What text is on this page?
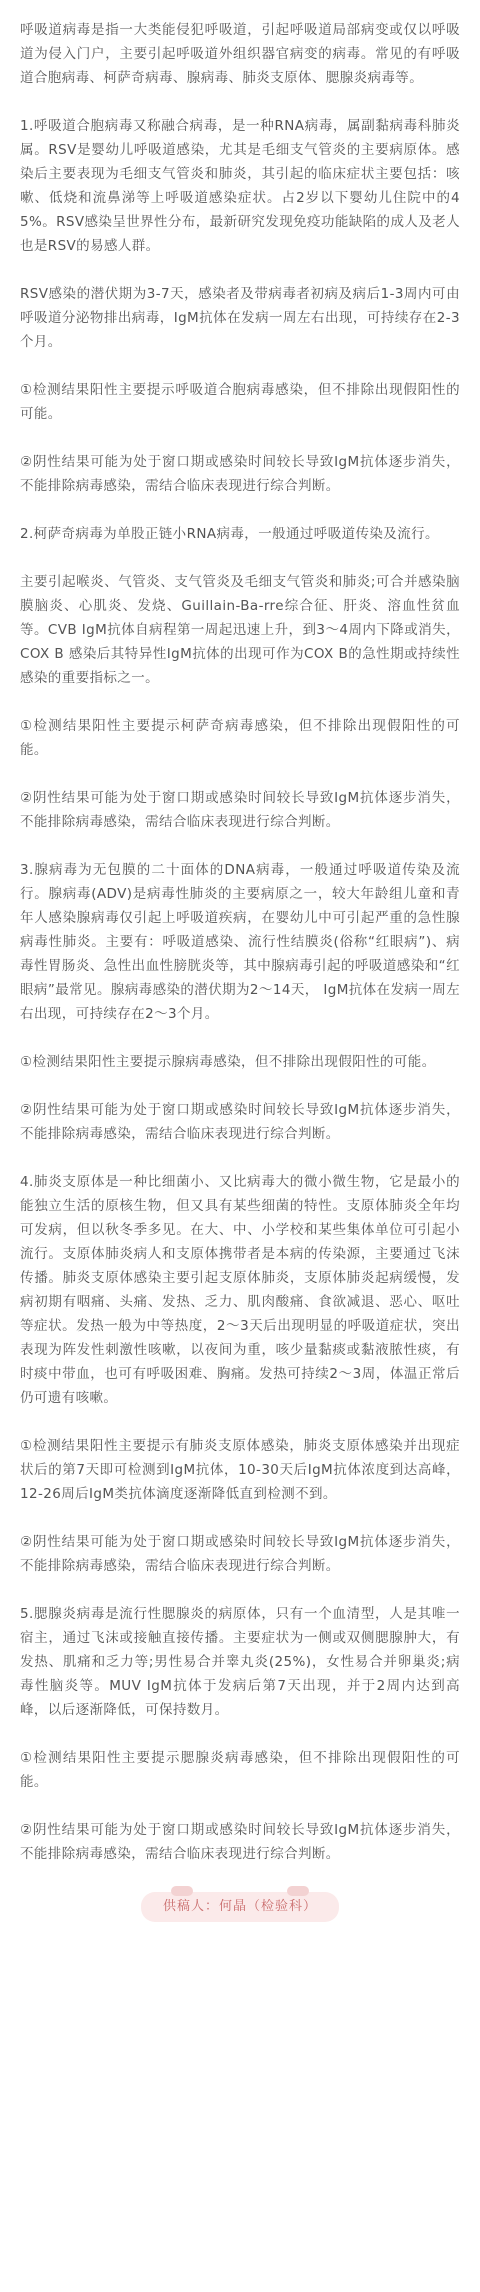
呼吸道病毒是指一大类能侵犯呼吸道，引起呼吸道局部病变或仅以呼吸道为侵入门户，主要引起呼吸道外组织器官病变的病毒。常见的有呼吸道合胞病毒、柯萨奇病毒、腺病毒、肺炎支原体、腮腺炎病毒等。

1.呼吸道合胞病毒又称融合病毒，是一种RNA病毒，属副黏病毒科肺炎属。RSV是婴幼儿呼吸道感染，尤其是毛细支气管炎的主要病原体。感染后主要表现为毛细支气管炎和肺炎，其引起的临床症状主要包括：咳嗽、低烧和流鼻涕等上呼吸道感染症状。占2岁以下婴幼儿住院中的45%。RSV感染呈世界性分布，最新研究发现免疫功能缺陷的成人及老人也是RSV的易感人群。

RSV感染的潜伏期为3-7天，感染者及带病毒者初病及病后1-3周内可由呼吸道分泌物排出病毒，IgM抗体在发病一周左右出现，可持续存在2-3个月。

①检测结果阳性主要提示呼吸道合胞病毒感染，但不排除出现假阳性的可能。

②阴性结果可能为处于窗口期或感染时间较长导致IgM抗体逐步消失，不能排除病毒感染，需结合临床表现进行综合判断。

2.柯萨奇病毒为单股正链小RNA病毒，一般通过呼吸道传染及流行。

主要引起喉炎、气管炎、支气管炎及毛细支气管炎和肺炎;可合并感染脑膜脑炎、心肌炎、发烧、Guillain-Ba-rre综合征、肝炎、溶血性贫血等。CVB IgM抗体自病程第一周起迅速上升，到3～4周内下降或消失，COX B 感染后其特异性IgM抗体的出现可作为COX B的急性期或持续性感染的重要指标之一。

①检测结果阳性主要提示柯萨奇病毒感染，但不排除出现假阳性的可能。

②阴性结果可能为处于窗口期或感染时间较长导致IgM抗体逐步消失，不能排除病毒感染，需结合临床表现进行综合判断。

3.腺病毒为无包膜的二十面体的DNA病毒，一般通过呼吸道传染及流行。腺病毒(ADV)是病毒性肺炎的主要病原之一，较大年龄组儿童和青年人感染腺病毒仅引起上呼吸道疾病，在婴幼儿中可引起严重的急性腺病毒性肺炎。主要有：呼吸道感染、流行性结膜炎(俗称“红眼病”)、病毒性胃肠炎、急性出血性膀胱炎等，其中腺病毒引起的呼吸道感染和“红眼病”最常见。腺病毒感染的潜伏期为2～14天， IgM抗体在发病一周左右出现，可持续存在2～3个月。

①检测结果阳性主要提示腺病毒感染，但不排除出现假阳性的可能。

②阴性结果可能为处于窗口期或感染时间较长导致IgM抗体逐步消失，不能排除病毒感染，需结合临床表现进行综合判断。

4.肺炎支原体是一种比细菌小、又比病毒大的微小微生物，它是最小的能独立生活的原核生物，但又具有某些细菌的特性。支原体肺炎全年均可发病，但以秋冬季多见。在大、中、小学校和某些集体单位可引起小流行。支原体肺炎病人和支原体携带者是本病的传染源，主要通过飞沫传播。肺炎支原体感染主要引起支原体肺炎，支原体肺炎起病缓慢，发病初期有咽痛、头痛、发热、乏力、肌肉酸痛、食欲减退、恶心、呕吐等症状。发热一般为中等热度，2～3天后出现明显的呼吸道症状，突出表现为阵发性刺激性咳嗽，以夜间为重，咳少量黏痰或黏液脓性痰，有时痰中带血，也可有呼吸困难、胸痛。发热可持续2～3周，体温正常后仍可遗有咳嗽。

①检测结果阳性主要提示有肺炎支原体感染，肺炎支原体感染并出现症状后的第7天即可检测到IgM抗体，10-30天后IgM抗体浓度到达高峰，12-26周后IgM类抗体滴度逐渐降低直到检测不到。

②阴性结果可能为处于窗口期或感染时间较长导致IgM抗体逐步消失，不能排除病毒感染，需结合临床表现进行综合判断。

5.腮腺炎病毒是流行性腮腺炎的病原体，只有一个血清型，人是其唯一宿主，通过飞沫或接触直接传播。主要症状为一侧或双侧腮腺肿大，有发热、肌痛和乏力等;男性易合并睾丸炎(25%)，女性易合并卵巢炎;病毒性脑炎等。MUV IgM抗体于发病后第7天出现，并于2周内达到高峰，以后逐渐降低，可保持数月。

①检测结果阳性主要提示腮腺炎病毒感染，但不排除出现假阳性的可能。

②阴性结果可能为处于窗口期或感染时间较长导致IgM抗体逐步消失，不能排除病毒感染，需结合临床表现进行综合判断。

供稿人：何晶（检验科）
